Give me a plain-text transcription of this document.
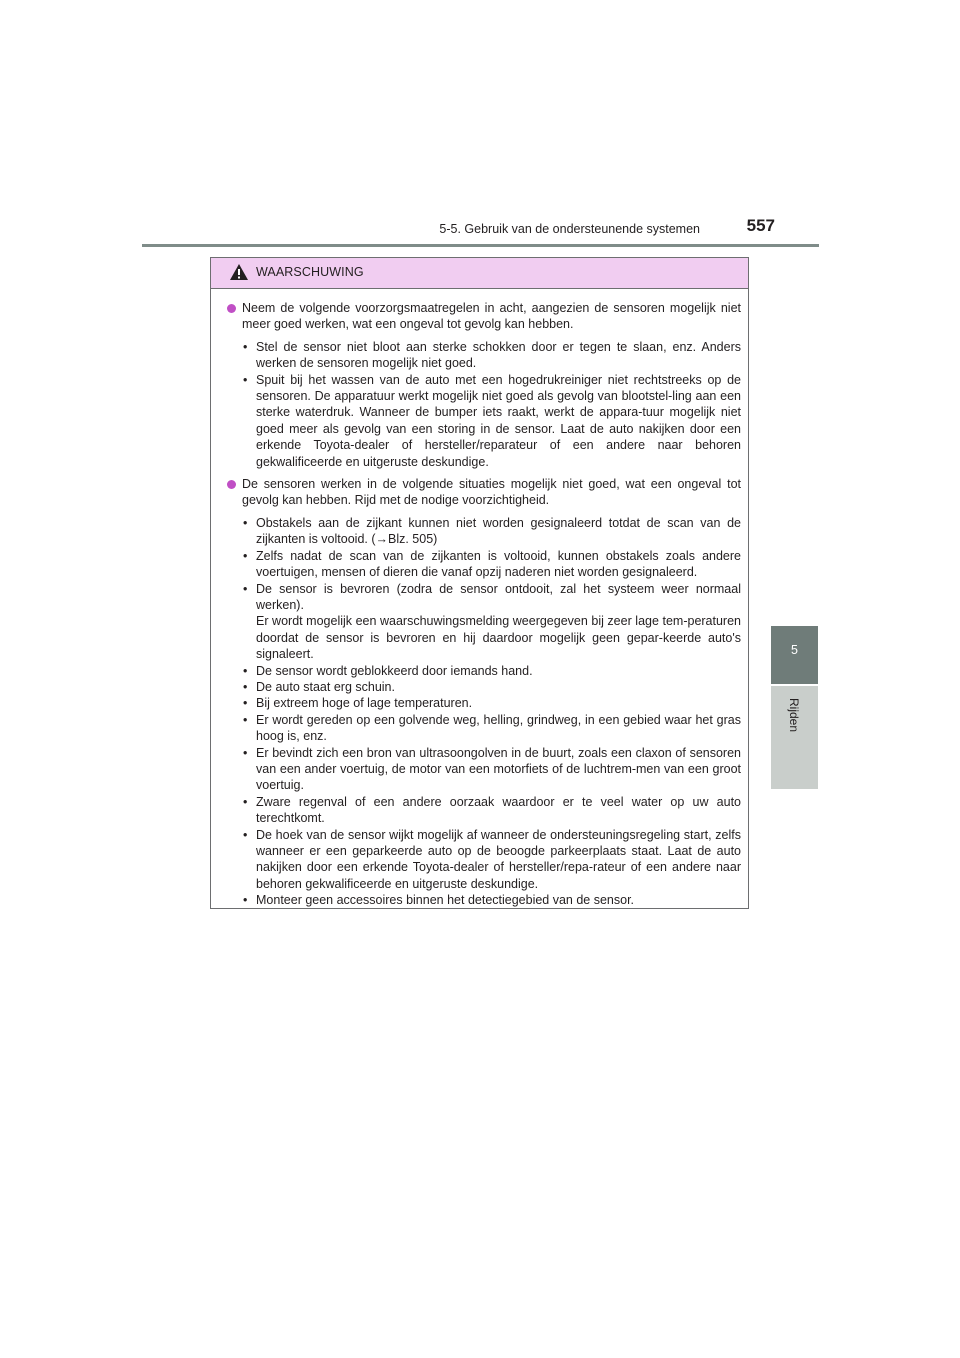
5-5. Gebruik van de ondersteunende systemen	557
5
Rijden
WAARSCHUWING
Neem de volgende voorzorgsmaatregelen in acht, aangezien de sensoren mogelijk niet meer goed werken, wat een ongeval tot gevolg kan hebben.
• Stel de sensor niet bloot aan sterke schokken door er tegen te slaan, enz. Anders werken de sensoren mogelijk niet goed.
• Spuit bij het wassen van de auto met een hogedrukreiniger niet rechtstreeks op de sensoren. De apparatuur werkt mogelijk niet goed als gevolg van blootstel-ling aan een sterke waterdruk. Wanneer de bumper iets raakt, werkt de appara-tuur mogelijk niet goed meer als gevolg van een storing in de sensor. Laat de auto nakijken door een erkende Toyota-dealer of hersteller/reparateur of een andere naar behoren gekwalificeerde en uitgeruste deskundige.
De sensoren werken in de volgende situaties mogelijk niet goed, wat een ongeval tot gevolg kan hebben. Rijd met de nodige voorzichtigheid.
• Obstakels aan de zijkant kunnen niet worden gesignaleerd totdat de scan van de zijkanten is voltooid. (→Blz. 505)
• Zelfs nadat de scan van de zijkanten is voltooid, kunnen obstakels zoals andere voertuigen, mensen of dieren die vanaf opzij naderen niet worden gesignaleerd.
• De sensor is bevroren (zodra de sensor ontdooit, zal het systeem weer normaal werken).
Er wordt mogelijk een waarschuwingsmelding weergegeven bij zeer lage tem-peraturen doordat de sensor is bevroren en hij daardoor mogelijk geen gepar-keerde auto's signaleert.
• De sensor wordt geblokkeerd door iemands hand.
• De auto staat erg schuin.
• Bij extreem hoge of lage temperaturen.
• Er wordt gereden op een golvende weg, helling, grindweg, in een gebied waar het gras hoog is, enz.
• Er bevindt zich een bron van ultrasoongolven in de buurt, zoals een claxon of sensoren van een ander voertuig, de motor van een motorfiets of de luchtrem-men van een groot voertuig.
• Zware regenval of een andere oorzaak waardoor er te veel water op uw auto terechtkomt.
• De hoek van de sensor wijkt mogelijk af wanneer de ondersteuningsregeling start, zelfs wanneer er een geparkeerde auto op de beoogde parkeerplaats staat. Laat de auto nakijken door een erkende Toyota-dealer of hersteller/repa-rateur of een andere naar behoren gekwalificeerde en uitgeruste deskundige.
• Monteer geen accessoires binnen het detectiegebied van de sensor.
